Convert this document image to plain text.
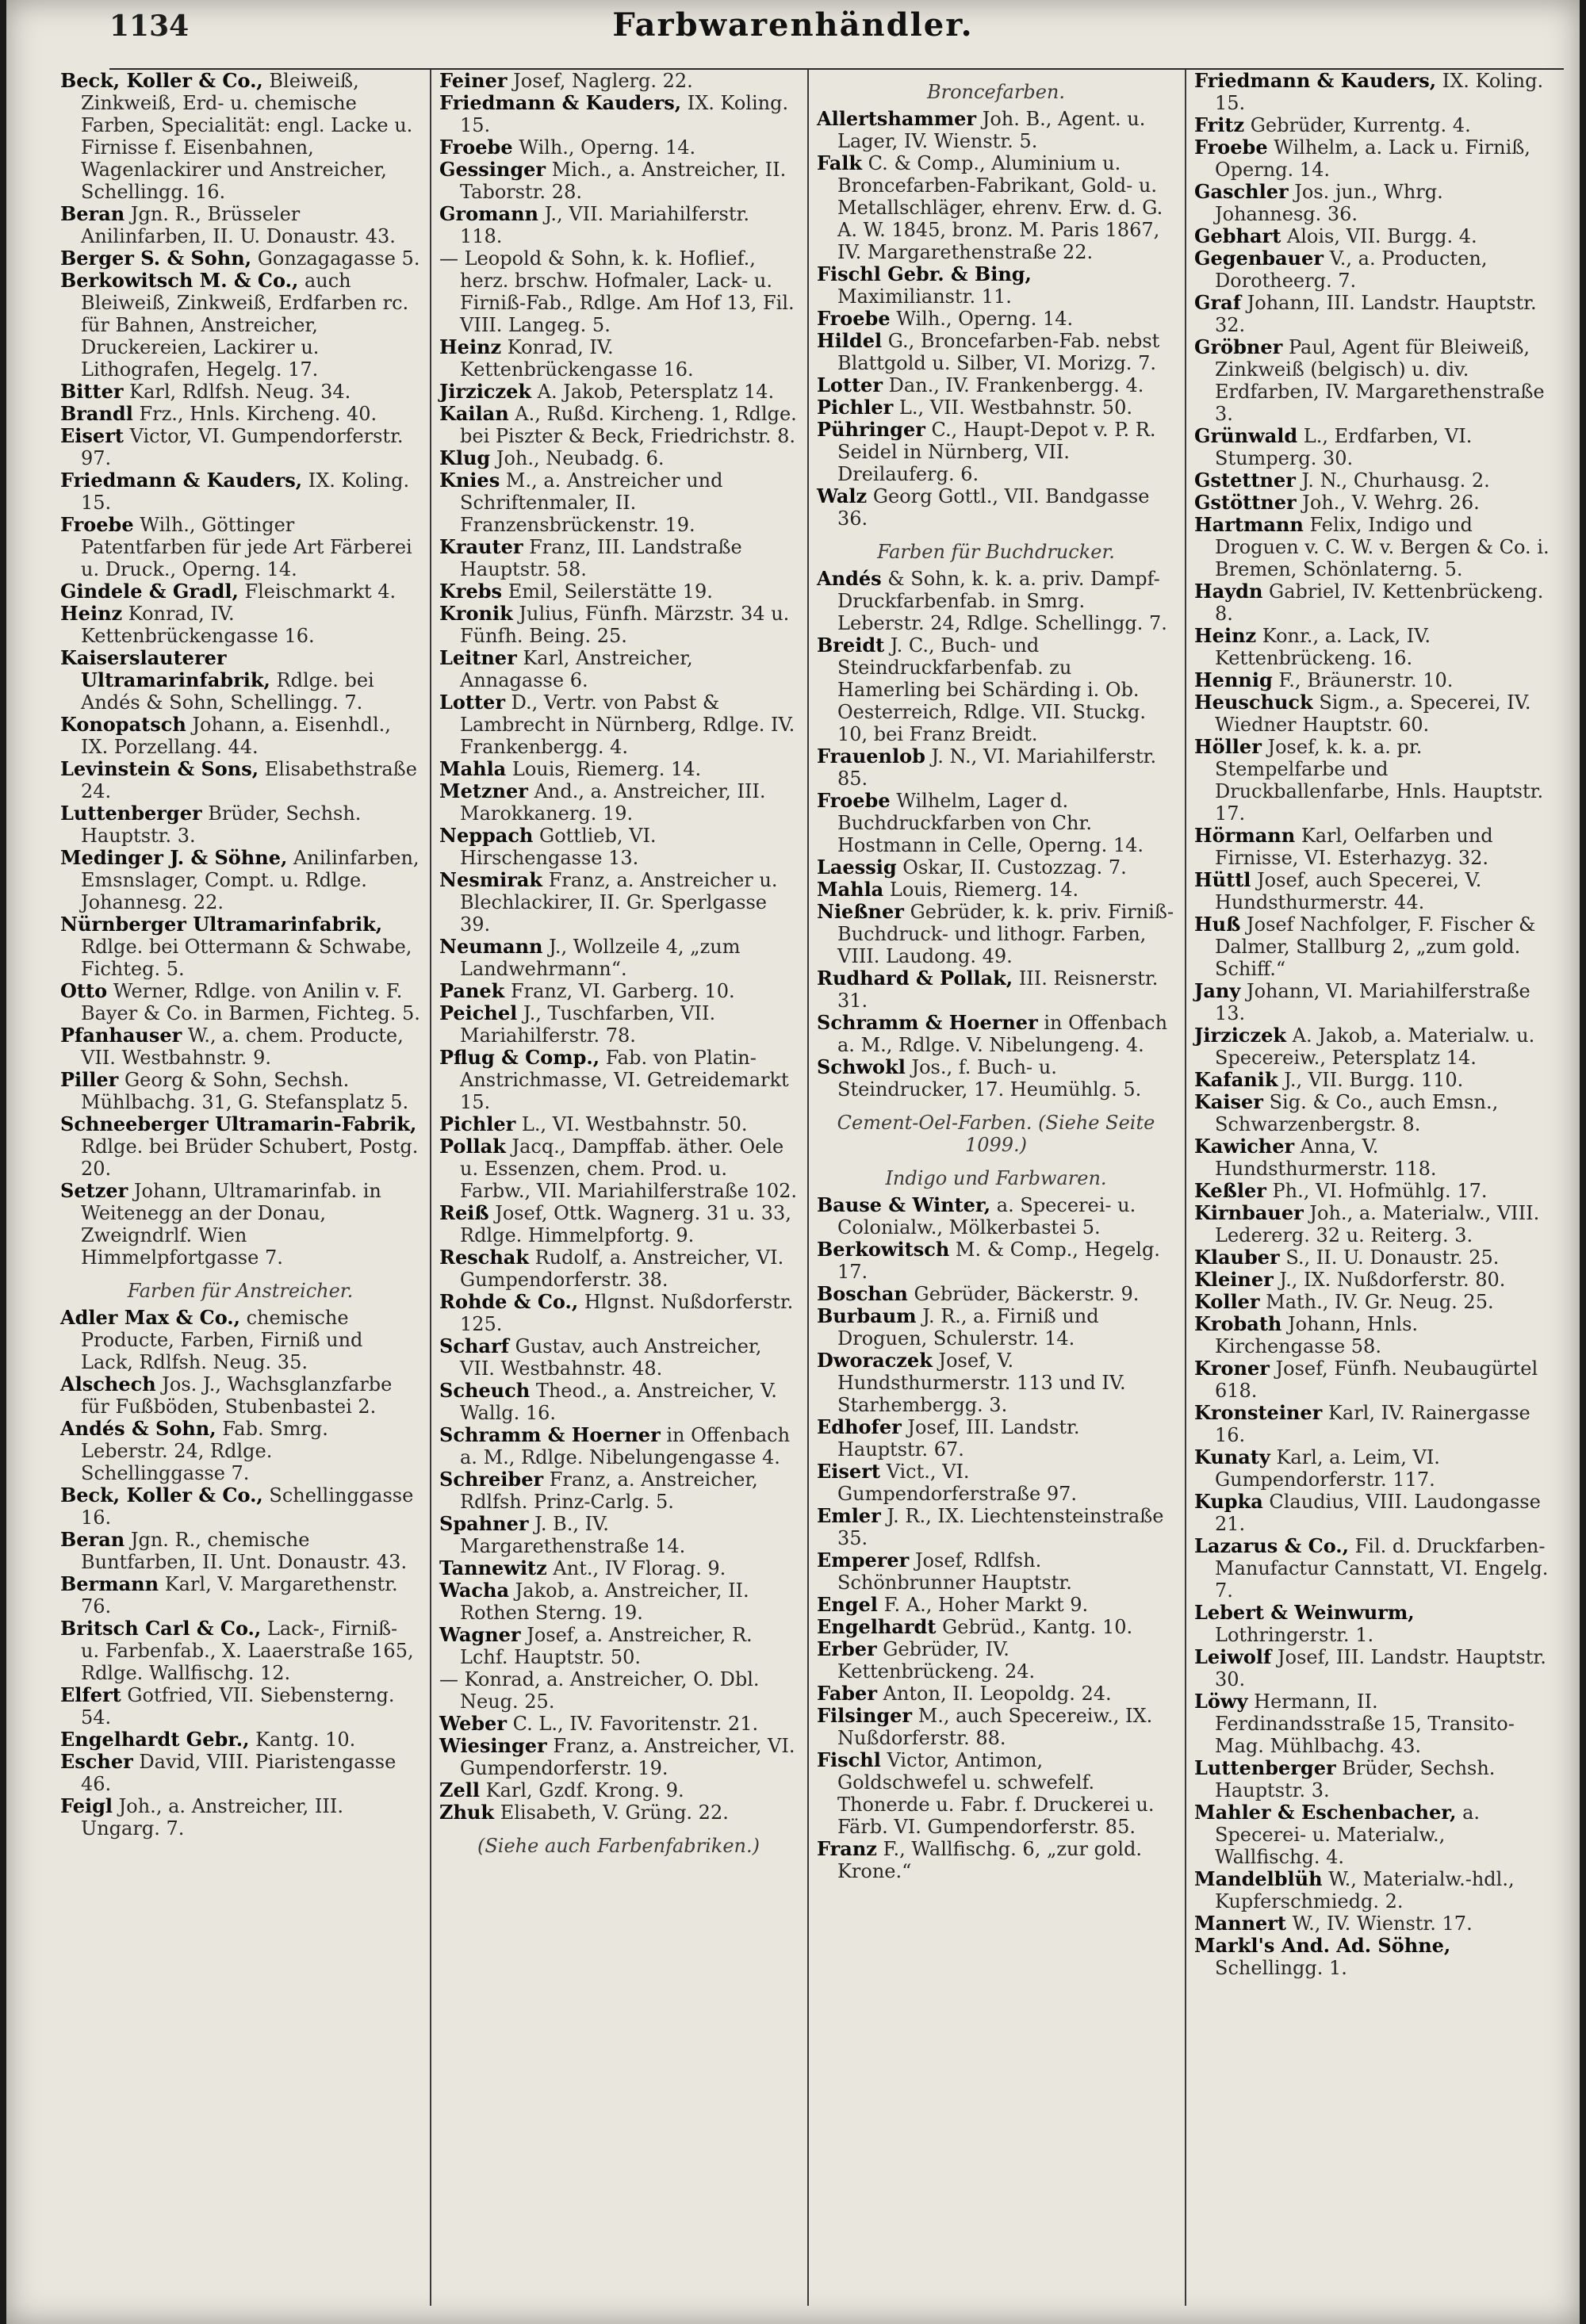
1134	Farbwarenhändler.

Beck, Koller & Co., Bleiweiß, Zinkweiß, Erd- u. chemische Farben, Specialität: engl. Lacke u. Firnisse f. Eisenbahnen, Wagenlackirer und Anstreicher, Schellingg. 16.

Beran Jgn. R., Brüsseler Anilinfarben, II. U. Donaustr. 43.

Berger S. & Sohn, Gonzagagasse 5.

Berkowitsch M. & Co., auch Bleiweiß, Zinkweiß, Erdfarben rc. für Bahnen, Anstreicher, Druckereien, Lackirer u. Lithografen, Hegelg. 17.

Bitter Karl, Rdlfsh. Neug. 34.

Brandl Frz., Hnls. Kircheng. 40.

Eisert Victor, VI. Gumpendorferstr. 97.

Friedmann & Kauders, IX. Koling. 15.

Froebe Wilh., Göttinger Patentfarben für jede Art Färberei u. Druck., Operng. 14.

Gindele & Gradl, Fleischmarkt 4.

Heinz Konrad, IV. Kettenbrückengasse 16.

Kaiserslauterer Ultramarinfabrik, Rdlge. bei Andés & Sohn, Schellingg. 7.

Konopatsch Johann, a. Eisenhdl., IX. Porzellang. 44.

Levinstein & Sons, Elisabethstraße 24.

Luttenberger Brüder, Sechsh. Hauptstr. 3.

Medinger J. & Söhne, Anilinfarben, Emsnslager, Compt. u. Rdlge. Johannesg. 22.

Nürnberger Ultramarinfabrik, Rdlge. bei Ottermann & Schwabe, Fichteg. 5.

Otto Werner, Rdlge. von Anilin v. F. Bayer & Co. in Barmen, Fichteg. 5.

Pfanhauser W., a. chem. Producte, VII. Westbahnstr. 9.

Piller Georg & Sohn, Sechsh. Mühlbachg. 31, G. Stefansplatz 5.

Schneeberger Ultramarin-Fabrik, Rdlge. bei Brüder Schubert, Postg. 20.

Setzer Johann, Ultramarinfab. in Weitenegg an der Donau, Zweigndrlf. Wien Himmelpfortgasse 7.

Farben für Anstreicher.

Adler Max & Co., chemische Producte, Farben, Firniß und Lack, Rdlfsh. Neug. 35.

Alschech Jos. J., Wachsglanzfarbe für Fußböden, Stubenbastei 2.

Andés & Sohn, Fab. Smrg. Leberstr. 24, Rdlge. Schellinggasse 7.

Beck, Koller & Co., Schellinggasse 16.

Beran Jgn. R., chemische Buntfarben, II. Unt. Donaustr. 43.

Bermann Karl, V. Margarethenstr. 76.

Britsch Carl & Co., Lack-, Firniß- u. Farbenfab., X. Laaerstraße 165, Rdlge. Wallfischg. 12.

Elfert Gotfried, VII. Siebensterng. 54.

Engelhardt Gebr., Kantg. 10.

Escher David, VIII. Piaristengasse 46.

Feigl Joh., a. Anstreicher, III. Ungarg. 7.

Feiner Josef, Naglerg. 22.

Friedmann & Kauders, IX. Koling. 15.

Froebe Wilh., Operng. 14.

Gessinger Mich., a. Anstreicher, II. Taborstr. 28.

Gromann J., VII. Mariahilferstr. 118.

— Leopold & Sohn, k. k. Hoflief., herz. brschw. Hofmaler, Lack- u. Firniß-Fab., Rdlge. Am Hof 13, Fil. VIII. Langeg. 5.

Heinz Konrad, IV. Kettenbrückengasse 16.

Jirziczek A. Jakob, Petersplatz 14.

Kailan A., Rußd. Kircheng. 1, Rdlge. bei Piszter & Beck, Friedrichstr. 8.

Klug Joh., Neubadg. 6.

Knies M., a. Anstreicher und Schriftenmaler, II. Franzensbrückenstr. 19.

Krauter Franz, III. Landstraße Hauptstr. 58.

Krebs Emil, Seilerstätte 19.

Kronik Julius, Fünfh. Märzstr. 34 u. Fünfh. Being. 25.

Leitner Karl, Anstreicher, Annagasse 6.

Lotter D., Vertr. von Pabst & Lambrecht in Nürnberg, Rdlge. IV. Frankenbergg. 4.

Mahla Louis, Riemerg. 14.

Metzner And., a. Anstreicher, III. Marokkanerg. 19.

Neppach Gottlieb, VI. Hirschengasse 13.

Nesmirak Franz, a. Anstreicher u. Blechlackirer, II. Gr. Sperlgasse 39.

Neumann J., Wollzeile 4, „zum Landwehrmann“.

Panek Franz, VI. Garberg. 10.

Peichel J., Tuschfarben, VII. Mariahilferstr. 78.

Pflug & Comp., Fab. von Platin-Anstrichmasse, VI. Getreidemarkt 15.

Pichler L., VI. Westbahnstr. 50.

Pollak Jacq., Dampffab. äther. Oele u. Essenzen, chem. Prod. u. Farbw., VII. Mariahilferstraße 102.

Reiß Josef, Ottk. Wagnerg. 31 u. 33, Rdlge. Himmelpfortg. 9.

Reschak Rudolf, a. Anstreicher, VI. Gumpendorferstr. 38.

Rohde & Co., Hlgnst. Nußdorferstr. 125.

Scharf Gustav, auch Anstreicher, VII. Westbahnstr. 48.

Scheuch Theod., a. Anstreicher, V. Wallg. 16.

Schramm & Hoerner in Offenbach a. M., Rdlge. Nibelungengasse 4.

Schreiber Franz, a. Anstreicher, Rdlfsh. Prinz-Carlg. 5.

Spahner J. B., IV. Margarethenstraße 14.

Tannewitz Ant., IV Florag. 9.

Wacha Jakob, a. Anstreicher, II. Rothen Sterng. 19.

Wagner Josef, a. Anstreicher, R. Lchf. Hauptstr. 50.

— Konrad, a. Anstreicher, O. Dbl. Neug. 25.

Weber C. L., IV. Favoritenstr. 21.

Wiesinger Franz, a. Anstreicher, VI. Gumpendorferstr. 19.

Zell Karl, Gzdf. Krong. 9.

Zhuk Elisabeth, V. Grüng. 22.

(Siehe auch Farbenfabriken.)
Broncefarben.

Allertshammer Joh. B., Agent. u. Lager, IV. Wienstr. 5.

Falk C. & Comp., Aluminium u. Broncefarben-Fabrikant, Gold- u. Metallschläger, ehrenv. Erw. d. G. A. W. 1845, bronz. M. Paris 1867, IV. Margarethenstraße 22.

Fischl Gebr. & Bing, Maximilianstr. 11.

Froebe Wilh., Operng. 14.

Hildel G., Broncefarben-Fab. nebst Blattgold u. Silber, VI. Morizg. 7.

Lotter Dan., IV. Frankenbergg. 4.

Pichler L., VII. Westbahnstr. 50.

Pühringer C., Haupt-Depot v. P. R. Seidel in Nürnberg, VII. Dreilauferg. 6.

Walz Georg Gottl., VII. Bandgasse 36.

Farben für Buchdrucker.

Andés & Sohn, k. k. a. priv. Dampf-Druckfarbenfab. in Smrg. Leberstr. 24, Rdlge. Schellingg. 7.

Breidt J. C., Buch- und Steindruckfarbenfab. zu Hamerling bei Schärding i. Ob. Oesterreich, Rdlge. VII. Stuckg. 10, bei Franz Breidt.

Frauenlob J. N., VI. Mariahilferstr. 85.

Froebe Wilhelm, Lager d. Buchdruckfarben von Chr. Hostmann in Celle, Operng. 14.

Laessig Oskar, II. Custozzag. 7.

Mahla Louis, Riemerg. 14.

Nießner Gebrüder, k. k. priv. Firniß-Buchdruck- und lithogr. Farben, VIII. Laudong. 49.

Rudhard & Pollak, III. Reisnerstr. 31.

Schramm & Hoerner in Offenbach a. M., Rdlge. V. Nibelungeng. 4.

Schwokl Jos., f. Buch- u. Steindrucker, 17. Heumühlg. 5.

Cement-Oel-Farben. (Siehe Seite 1099.)
Indigo und Farbwaren.

Bause & Winter, a. Specerei- u. Colonialw., Mölkerbastei 5.

Berkowitsch M. & Comp., Hegelg. 17.

Boschan Gebrüder, Bäckerstr. 9.

Burbaum J. R., a. Firniß und Droguen, Schulerstr. 14.

Dworaczek Josef, V. Hundsthurmerstr. 113 und IV. Starhembergg. 3.

Edhofer Josef, III. Landstr. Hauptstr. 67.

Eisert Vict., VI. Gumpendorferstraße 97.

Emler J. R., IX. Liechtensteinstraße 35.

Emperer Josef, Rdlfsh. Schönbrunner Hauptstr.

Engel F. A., Hoher Markt 9.

Engelhardt Gebrüd., Kantg. 10.

Erber Gebrüder, IV. Kettenbrückeng. 24.

Faber Anton, II. Leopoldg. 24.

Filsinger M., auch Specereiw., IX. Nußdorferstr. 88.

Fischl Victor, Antimon, Goldschwefel u. schwefelf. Thonerde u. Fabr. f. Druckerei u. Färb. VI. Gumpendorferstr. 85.

Franz F., Wallfischg. 6, „zur gold. Krone.“

Friedmann & Kauders, IX. Koling. 15.

Fritz Gebrüder, Kurrentg. 4.

Froebe Wilhelm, a. Lack u. Firniß, Operng. 14.

Gaschler Jos. jun., Whrg. Johannesg. 36.

Gebhart Alois, VII. Burgg. 4.

Gegenbauer V., a. Producten, Dorotheerg. 7.

Graf Johann, III. Landstr. Hauptstr. 32.

Gröbner Paul, Agent für Bleiweiß, Zinkweiß (belgisch) u. div. Erdfarben, IV. Margarethenstraße 3.

Grünwald L., Erdfarben, VI. Stumperg. 30.

Gstettner J. N., Churhausg. 2.

Gstöttner Joh., V. Wehrg. 26.

Hartmann Felix, Indigo und Droguen v. C. W. v. Bergen & Co. i. Bremen, Schönlaterng. 5.

Haydn Gabriel, IV. Kettenbrückeng. 8.

Heinz Konr., a. Lack, IV. Kettenbrückeng. 16.

Hennig F., Bräunerstr. 10.

Heuschuck Sigm., a. Specerei, IV. Wiedner Hauptstr. 60.

Höller Josef, k. k. a. pr. Stempelfarbe und Druckballenfarbe, Hnls. Hauptstr. 17.

Hörmann Karl, Oelfarben und Firnisse, VI. Esterhazyg. 32.

Hüttl Josef, auch Specerei, V. Hundsthurmerstr. 44.

Huß Josef Nachfolger, F. Fischer & Dalmer, Stallburg 2, „zum gold. Schiff.“

Jany Johann, VI. Mariahilferstraße 13.

Jirziczek A. Jakob, a. Materialw. u. Specereiw., Petersplatz 14.

Kafanik J., VII. Burgg. 110.

Kaiser Sig. & Co., auch Emsn., Schwarzenbergstr. 8.

Kawicher Anna, V. Hundsthurmerstr. 118.

Keßler Ph., VI. Hofmühlg. 17.

Kirnbauer Joh., a. Materialw., VIII. Ledererg. 32 u. Reiterg. 3.

Klauber S., II. U. Donaustr. 25.

Kleiner J., IX. Nußdorferstr. 80.

Koller Math., IV. Gr. Neug. 25.

Krobath Johann, Hnls. Kirchengasse 58.

Kroner Josef, Fünfh. Neubaugürtel 618.

Kronsteiner Karl, IV. Rainergasse 16.

Kunaty Karl, a. Leim, VI. Gumpendorferstr. 117.

Kupka Claudius, VIII. Laudongasse 21.

Lazarus & Co., Fil. d. Druckfarben-Manufactur Cannstatt, VI. Engelg. 7.

Lebert & Weinwurm, Lothringerstr. 1.

Leiwolf Josef, III. Landstr. Hauptstr. 30.

Löwy Hermann, II. Ferdinandsstraße 15, Transito-Mag. Mühlbachg. 43.

Luttenberger Brüder, Sechsh. Hauptstr. 3.

Mahler & Eschenbacher, a. Specerei- u. Materialw., Wallfischg. 4.

Mandelblüh W., Materialw.-hdl., Kupferschmiedg. 2.

Mannert W., IV. Wienstr. 17.

Markl's And. Ad. Söhne, Schellingg. 1.
